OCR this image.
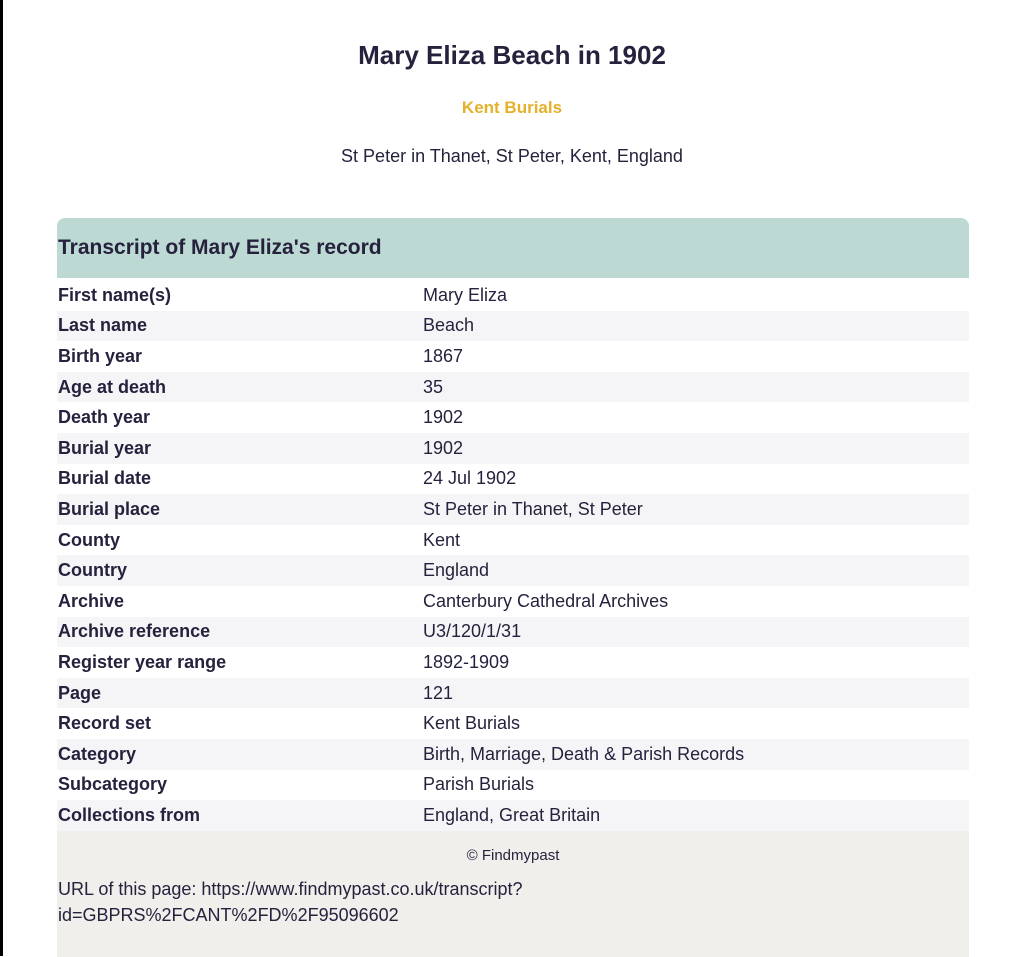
Mary Eliza Beach in 1902
Kent Burials
St Peter in Thanet, St Peter, Kent, England
Transcript of Mary Eliza's record
First name(s)	Mary Eliza
Last name	Beach
Birth year	1867
Age at death	35
Death year	1902
Burial year	1902
Burial date	24 Jul 1902
Burial place	St Peter in Thanet, St Peter
County	Kent
Country	England
Archive	Canterbury Cathedral Archives
Archive reference	U3/120/1/31
Register year range	1892-1909
Page	121
Record set	Kent Burials
Category	Birth, Marriage, Death & Parish Records
Subcategory	Parish Burials
Collections from	England, Great Britain
© Findmypast
URL of this page: https://www.findmypast.co.uk/transcript?
id=GBPRS%2FCANT%2FD%2F95096602
